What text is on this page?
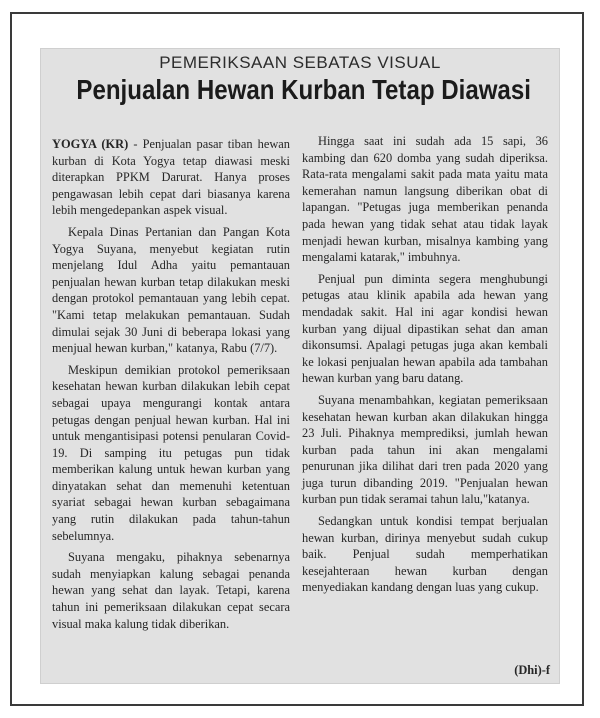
PEMERIKSAAN SEBATAS VISUAL
Penjualan Hewan Kurban Tetap Diawasi

YOGYA (KR) - Penjualan pasar tiban hewan kurban di Kota Yogya tetap diawasi meski diterapkan PPKM Darurat. Hanya proses pengawasan lebih cepat dari biasanya karena lebih mengedepankan aspek visual.

Kepala Dinas Pertanian dan Pangan Kota Yogya Suyana, menyebut kegiatan rutin menjelang Idul Adha yaitu pemantauan penjualan hewan kurban tetap dilakukan meski dengan protokol pemantauan yang lebih cepat. "Kami tetap melakukan pemantauan. Sudah dimulai sejak 30 Juni di beberapa lokasi yang menjual hewan kurban," katanya, Rabu (7/7).

Meskipun demikian protokol pemeriksaan kesehatan hewan kurban dilakukan lebih cepat sebagai upaya mengurangi kontak antara petugas dengan penjual hewan kurban. Hal ini untuk mengantisipasi potensi penularan Covid-19. Di samping itu petugas pun tidak memberikan kalung untuk hewan kurban yang dinyatakan sehat dan memenuhi ketentuan syariat sebagai hewan kurban sebagaimana yang rutin dilakukan pada tahun-tahun sebelumnya.

Suyana mengaku, pihaknya sebenarnya sudah menyiapkan kalung sebagai penanda hewan yang sehat dan layak. Tetapi, karena tahun ini pemeriksaan dilakukan cepat secara visual maka kalung tidak diberikan.

Hingga saat ini sudah ada 15 sapi, 36 kambing dan 620 domba yang sudah diperiksa. Rata-rata mengalami sakit pada mata yaitu mata kemerahan namun langsung diberikan obat di lapangan. "Petugas juga memberikan penanda pada hewan yang tidak sehat atau tidak layak menjadi hewan kurban, misalnya kambing yang mengalami katarak," imbuhnya.

Penjual pun diminta segera menghubungi petugas atau klinik apabila ada hewan yang mendadak sakit. Hal ini agar kondisi hewan kurban yang dijual dipastikan sehat dan aman dikonsumsi. Apalagi petugas juga akan kembali ke lokasi penjualan hewan apabila ada tambahan hewan kurban yang baru datang.

Suyana menambahkan, kegiatan pemeriksaan kesehatan hewan kurban akan dilakukan hingga 23 Juli. Pihaknya memprediksi, jumlah hewan kurban pada tahun ini akan mengalami penurunan jika dilihat dari tren pada 2020 yang juga turun dibanding 2019. "Penjualan hewan kurban pun tidak seramai tahun lalu,"katanya.

Sedangkan untuk kondisi tempat berjualan hewan kurban, dirinya menyebut sudah cukup baik. Penjual sudah memperhatikan kesejahteraan hewan kurban dengan menyediakan kandang dengan luas yang cukup.

(Dhi)-f
